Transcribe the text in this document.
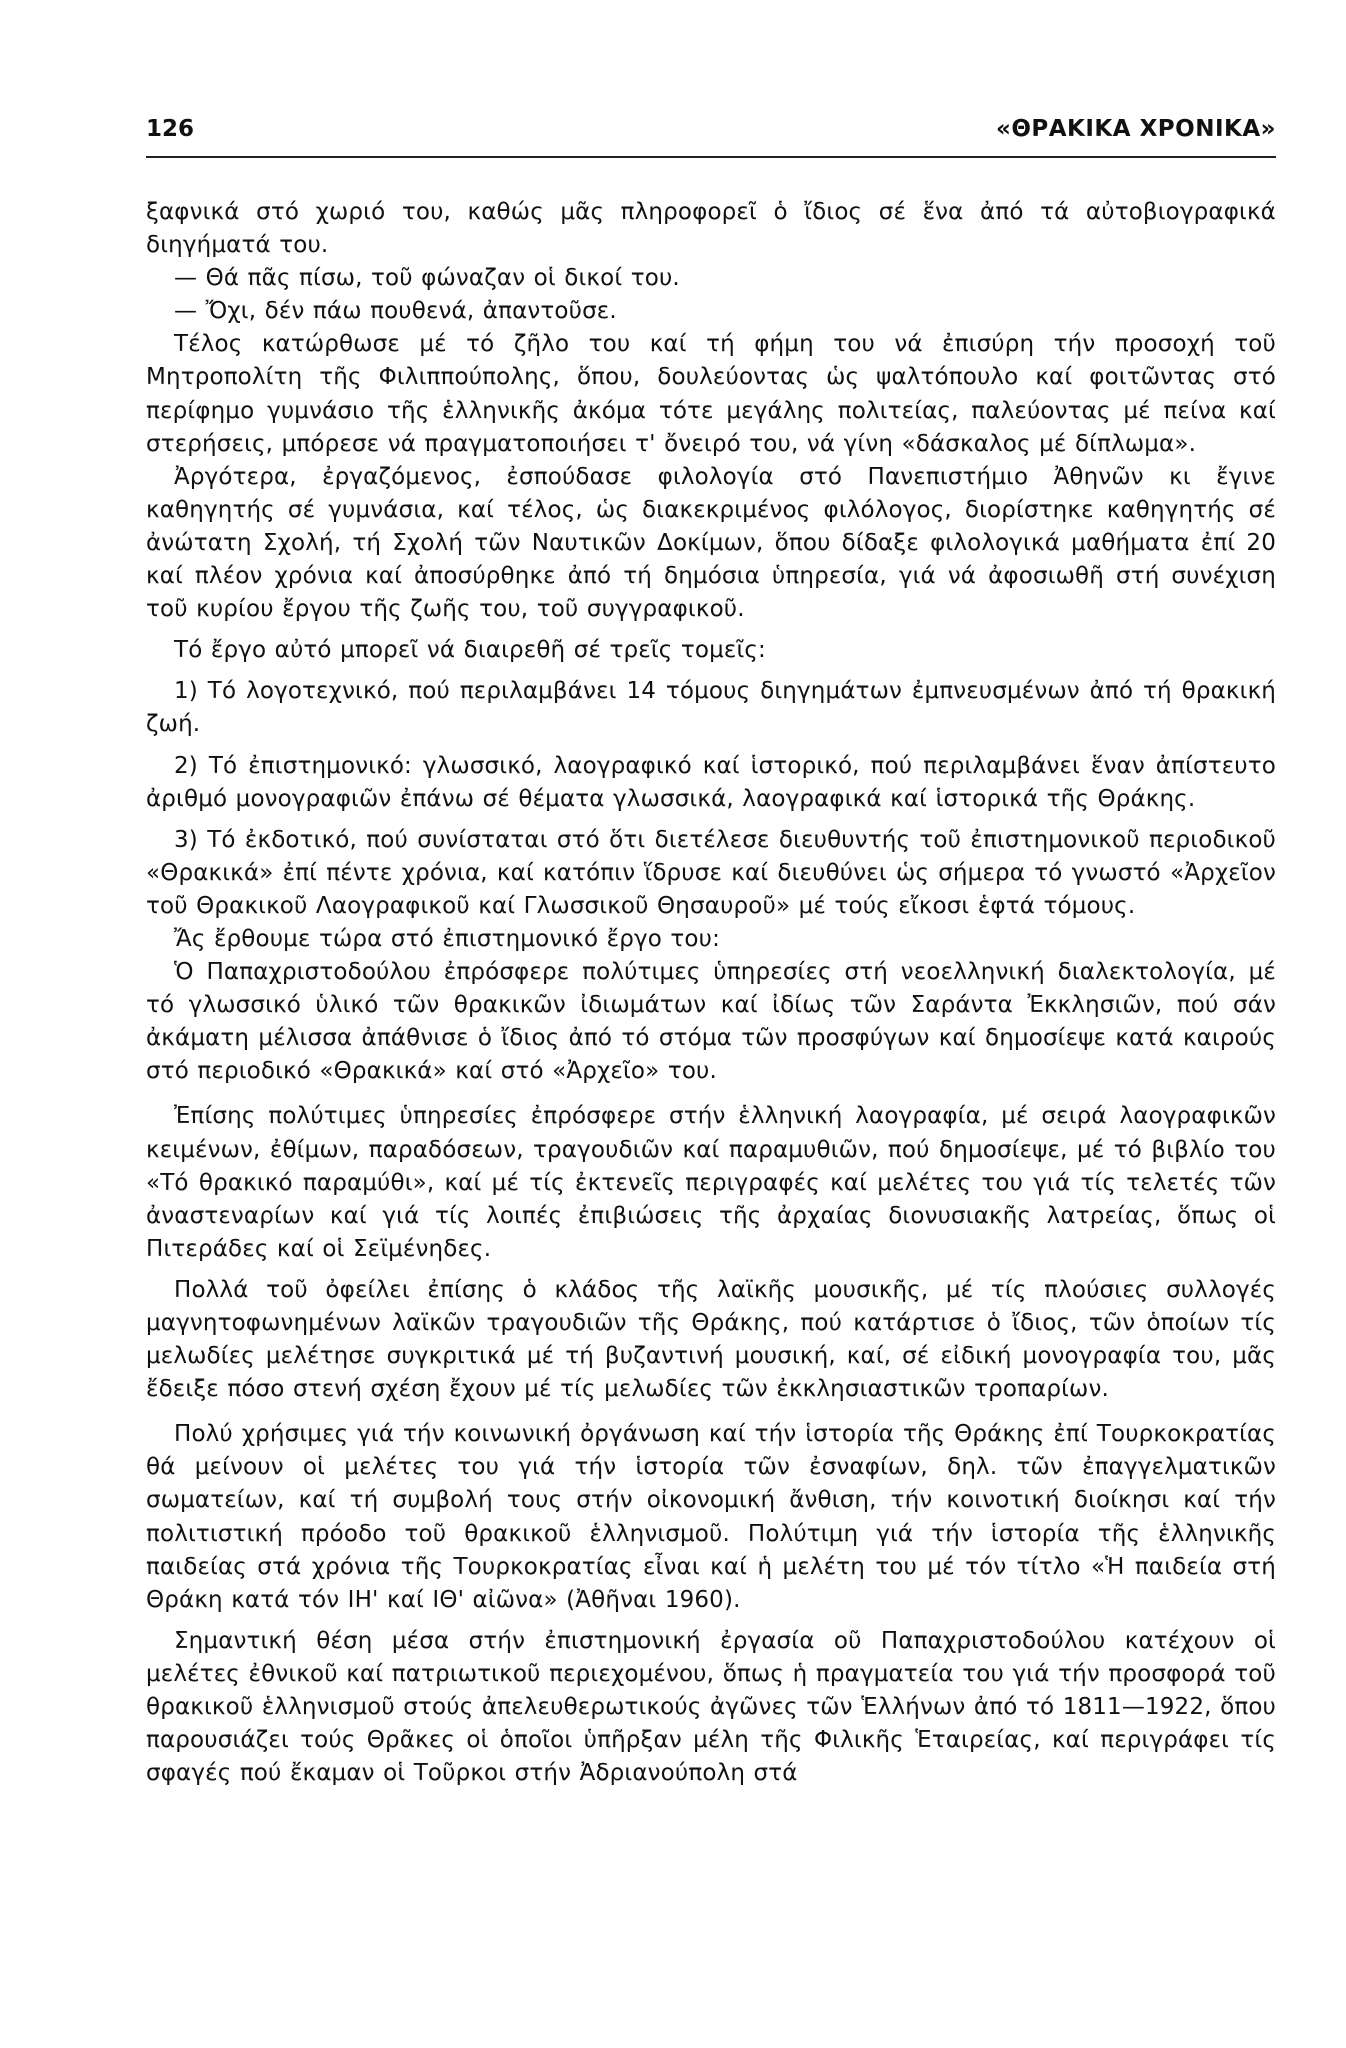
126	«ΘΡΑΚΙΚΑ ΧΡΟΝΙΚΑ»

ξαφνικά στό χωριό του, καθώς μᾶς πληροφορεῖ ὁ ἴδιος σέ ἕνα ἀπό τά αὐτοβιογραφικά διηγήματά του.

— Θά πᾶς πίσω, τοῦ φώναζαν οἱ δικοί του.

— Ὄχι, δέν πάω πουθενά, ἀπαντοῦσε.

Τέλος κατώρθωσε μέ τό ζῆλο του καί τή φήμη του νά ἐπισύρη τήν προσοχή τοῦ Μητροπολίτη τῆς Φιλιππούπολης, ὅπου, δουλεύοντας ὡς ψαλτόπουλο καί φοιτῶντας στό περίφημο γυμνάσιο τῆς ἑλληνικῆς ἀκόμα τότε μεγάλης πολιτείας, παλεύοντας μέ πείνα καί στερήσεις, μπόρεσε νά πραγματοποιήσει τ' ὄνειρό του, νά γίνη «δάσκαλος μέ δίπλωμα».

Ἀργότερα, ἐργαζόμενος, ἐσπούδασε φιλολογία στό Πανεπιστήμιο Ἀθηνῶν κι ἔγινε καθηγητής σέ γυμνάσια, καί τέλος, ὡς διακεκριμένος φιλόλογος, διορίστηκε καθηγητής σέ ἀνώτατη Σχολή, τή Σχολή τῶν Ναυτικῶν Δοκίμων, ὅπου δίδαξε φιλολογικά μαθήματα ἐπί 20 καί πλέον χρόνια καί ἀποσύρθηκε ἀπό τή δημόσια ὑπηρεσία, γιά νά ἀφοσιωθῆ στή συνέχιση τοῦ κυρίου ἔργου τῆς ζωῆς του, τοῦ συγγραφικοῦ.

Τό ἔργο αὐτό μπορεῖ νά διαιρεθῆ σέ τρεῖς τομεῖς:

1) Τό λογοτεχνικό, πού περιλαμβάνει 14 τόμους διηγημάτων ἐμπνευσμένων ἀπό τή θρακική ζωή.

2) Τό ἐπιστημονικό: γλωσσικό, λαογραφικό καί ἱστορικό, πού περιλαμβάνει ἕναν ἀπίστευτο ἀριθμό μονογραφιῶν ἐπάνω σέ θέματα γλωσσικά, λαογραφικά καί ἱστορικά τῆς Θράκης.

3) Τό ἐκδοτικό, πού συνίσταται στό ὅτι διετέλεσε διευθυντής τοῦ ἐπιστημονικοῦ περιοδικοῦ «Θρακικά» ἐπί πέντε χρόνια, καί κατόπιν ἵδρυσε καί διευθύνει ὡς σήμερα τό γνωστό «Ἀρχεῖον τοῦ Θρακικοῦ Λαογραφικοῦ καί Γλωσσικοῦ Θησαυροῦ» μέ τούς εἴκοσι ἑφτά τόμους.

Ἄς ἔρθουμε τώρα στό ἐπιστημονικό ἔργο του:

Ὁ Παπαχριστοδούλου ἐπρόσφερε πολύτιμες ὑπηρεσίες στή νεοελληνική διαλεκτολογία, μέ τό γλωσσικό ὑλικό τῶν θρακικῶν ἰδιωμάτων καί ἰδίως τῶν Σαράντα Ἐκκλησιῶν, πού σάν ἀκάματη μέλισσα ἀπάθνισε ὁ ἴδιος ἀπό τό στόμα τῶν προσφύγων καί δημοσίεψε κατά καιρούς στό περιοδικό «Θρακικά» καί στό «Ἀρχεῖο» του.

Ἐπίσης πολύτιμες ὑπηρεσίες ἐπρόσφερε στήν ἑλληνική λαογραφία, μέ σειρά λαογραφικῶν κειμένων, ἐθίμων, παραδόσεων, τραγουδιῶν καί παραμυθιῶν, πού δημοσίεψε, μέ τό βιβλίο του «Τό θρακικό παραμύθι», καί μέ τίς ἐκτενεῖς περιγραφές καί μελέτες του γιά τίς τελετές τῶν ἀναστεναρίων καί γιά τίς λοιπές ἐπιβιώσεις τῆς ἀρχαίας διονυσιακῆς λατρείας, ὅπως οἱ Πιτεράδες καί οἱ Σεϊμένηδες.

Πολλά τοῦ ὀφείλει ἐπίσης ὁ κλάδος τῆς λαϊκῆς μουσικῆς, μέ τίς πλούσιες συλλογές μαγνητοφωνημένων λαϊκῶν τραγουδιῶν τῆς Θράκης, πού κατάρτισε ὁ ἴδιος, τῶν ὁποίων τίς μελωδίες μελέτησε συγκριτικά μέ τή βυζαντινή μουσική, καί, σέ εἰδική μονογραφία του, μᾶς ἔδειξε πόσο στενή σχέση ἔχουν μέ τίς μελωδίες τῶν ἐκκλησιαστικῶν τροπαρίων.

Πολύ χρήσιμες γιά τήν κοινωνική ὀργάνωση καί τήν ἱστορία τῆς Θράκης ἐπί Τουρκοκρατίας θά μείνουν οἱ μελέτες του γιά τήν ἱστορία τῶν ἐσναφίων, δηλ. τῶν ἐπαγγελματικῶν σωματείων, καί τή συμβολή τους στήν οἰκονομική ἄνθιση, τήν κοινοτική διοίκησι καί τήν πολιτιστική πρόοδο τοῦ θρακικοῦ ἑλληνισμοῦ. Πολύτιμη γιά τήν ἱστορία τῆς ἑλληνικῆς παιδείας στά χρόνια τῆς Τουρκοκρατίας εἶναι καί ἡ μελέτη του μέ τόν τίτλο «Ἡ παιδεία στή Θράκη κατά τόν ΙΗ' καί ΙΘ' αἰῶνα» (Ἀθῆναι 1960).

Σημαντική θέση μέσα στήν ἐπιστημονική ἐργασία οῦ Παπαχριστοδούλου κατέχουν οἱ μελέτες ἐθνικοῦ καί πατριωτικοῦ περιεχομένου, ὅπως ἡ πραγματεία του γιά τήν προσφορά τοῦ θρακικοῦ ἑλληνισμοῦ στούς ἀπελευθερωτικούς ἀγῶνες τῶν Ἑλλήνων ἀπό τό 1811—1922, ὅπου παρουσιάζει τούς Θρᾶκες οἱ ὁποῖοι ὑπῆρξαν μέλη τῆς Φιλικῆς Ἑταιρείας, καί περιγράφει τίς σφαγές πού ἔκαμαν οἱ Τοῦρκοι στήν Ἀδριανούπολη στά
